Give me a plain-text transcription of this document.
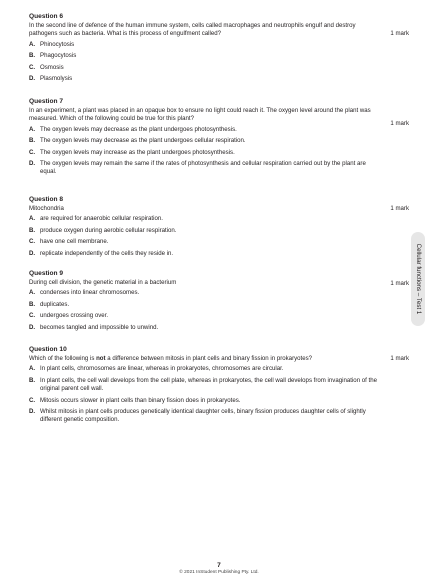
Question 6
In the second line of defence of the human immune system, cells called macrophages and neutrophils engulf and destroy pathogens such as bacteria. What is this process of engulfment called?
A. Phinocytosis
B. Phagocytosis
C. Osmosis
D. Plasmolysis
1 mark
Question 7
In an experiment, a plant was placed in an opaque box to ensure no light could reach it. The oxygen level around the plant was measured. Which of the following could be true for this plant?
A. The oxygen levels may decrease as the plant undergoes photosynthesis.
B. The oxygen levels may decrease as the plant undergoes cellular respiration.
C. The oxygen levels may increase as the plant undergoes photosynthesis.
D. The oxygen levels may remain the same if the rates of photosynthesis and cellular respiration carried out by the plant are equal.
1 mark
Question 8
Mitochondria
A. are required for anaerobic cellular respiration.
B. produce oxygen during aerobic cellular respiration.
C. have one cell membrane.
D. replicate independently of the cells they reside in.
1 mark
Question 9
During cell division, the genetic material in a bacterium
A. condenses into linear chromosomes.
B. duplicates.
C. undergoes crossing over.
D. becomes tangled and impossible to unwind.
1 mark
Question 10
Which of the following is not a difference between mitosis in plant cells and binary fission in prokaryotes?
A. In plant cells, chromosomes are linear, whereas in prokaryotes, chromosomes are circular.
B. In plant cells, the cell wall develops from the cell plate, whereas in prokaryotes, the cell wall develops from invagination of the original parent cell wall.
C. Mitosis occurs slower in plant cells than binary fission does in prokaryotes.
D. Whilst mitosis in plant cells produces genetically identical daughter cells, binary fission produces daughter cells of slightly different genetic composition.
1 mark
Cellular functions – Test 1
7
© 2021 InStudent Publishing Pty. Ltd.
